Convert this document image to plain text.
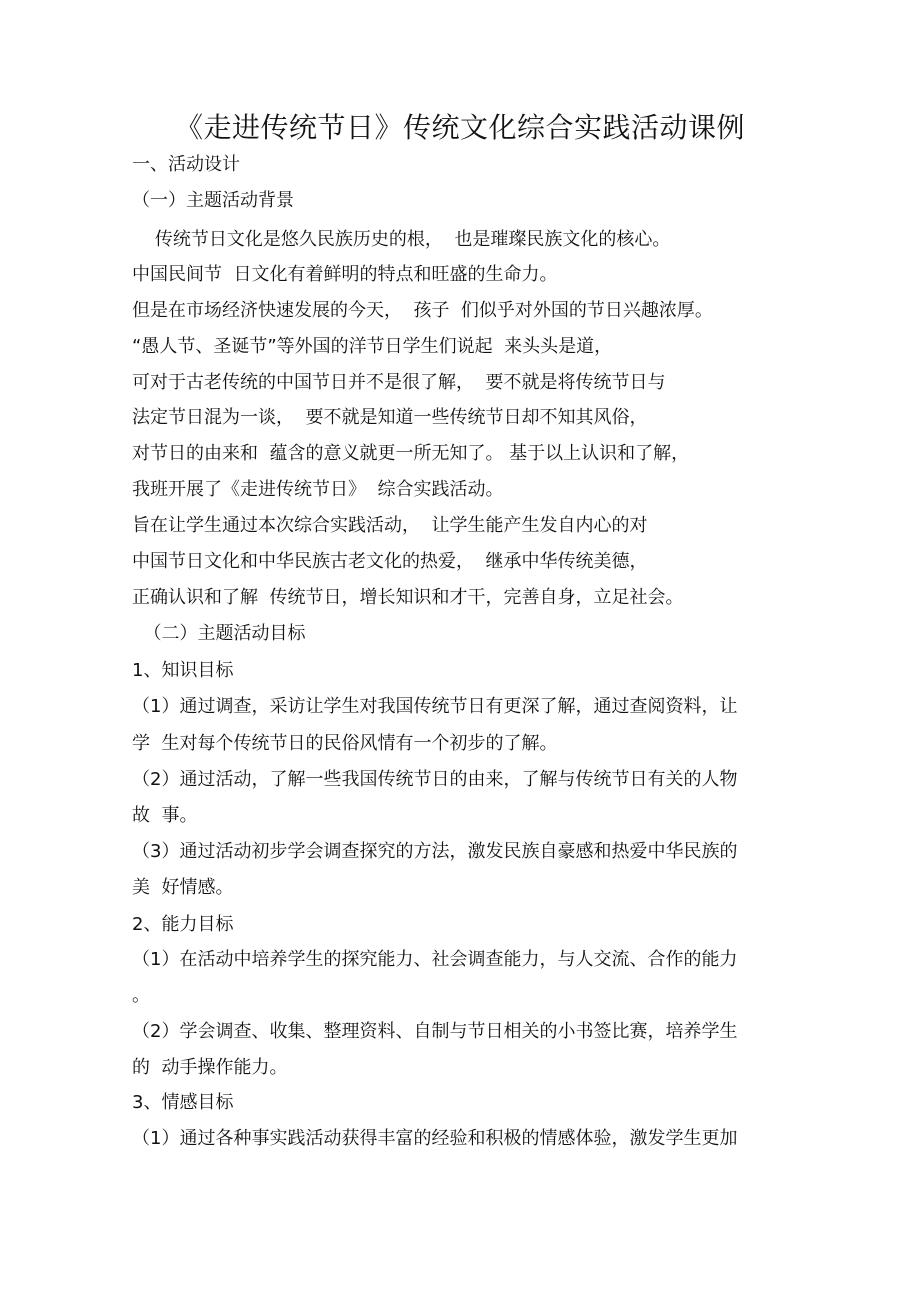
《走进传统节日》传统文化综合实践活动课例
一、活动设计
（一）主题活动背景
传统节日文化是悠久民族历史的根，  也是璀璨民族文化的核心。
中国民间节  日文化有着鲜明的特点和旺盛的生命力。
但是在市场经济快速发展的今天，  孩子  们似乎对外国的节日兴趣浓厚。
“愚人节、圣诞节”等外国的洋节日学生们说起  来头头是道，
可对于古老传统的中国节日并不是很了解，  要不就是将传统节日与
法定节日混为一谈，  要不就是知道一些传统节日却不知其风俗，
对节日的由来和  蕴含的意义就更一所无知了。 基于以上认识和了解，
我班开展了《走进传统节日》  综合实践活动。
旨在让学生通过本次综合实践活动，  让学生能产生发自内心的对
中国节日文化和中华民族古老文化的热爱，  继承中华传统美德，
正确认识和了解  传统节日，增长知识和才干，完善自身，立足社会。
（二）主题活动目标
1、知识目标
（1）通过调查，采访让学生对我国传统节日有更深了解，通过查阅资料，让
学  生对每个传统节日的民俗风情有一个初步的了解。
（2）通过活动，了解一些我国传统节日的由来，了解与传统节日有关的人物
故  事。
（3）通过活动初步学会调查探究的方法，激发民族自豪感和热爱中华民族的
美  好情感。
2、能力目标
（1）在活动中培养学生的探究能力、社会调查能力，与人交流、合作的能力
。
（2）学会调查、收集、整理资料、自制与节日相关的小书签比赛，培养学生
的  动手操作能力。
3、情感目标
（1）通过各种事实践活动获得丰富的经验和积极的情感体验，激发学生更加
